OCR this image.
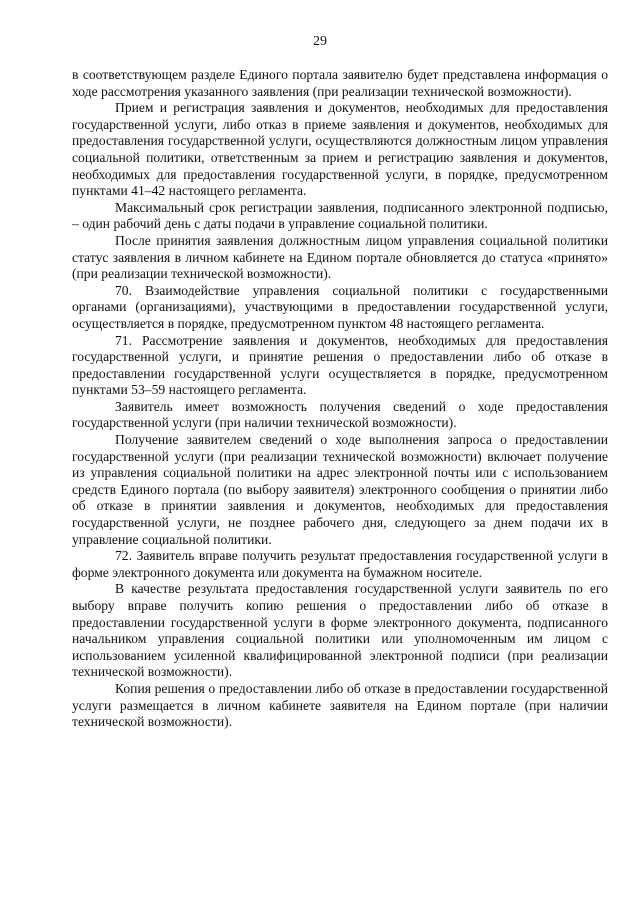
29

в соответствующем разделе Единого портала заявителю будет представлена информация о ходе рассмотрения указанного заявления (при реализации технической возможности).

Прием и регистрация заявления и документов, необходимых для предоставления государственной услуги, либо отказ в приеме заявления и документов, необходимых для предоставления государственной услуги, осуществляются должностным лицом управления социальной политики, ответственным за прием и регистрацию заявления и документов, необходимых для предоставления государственной услуги, в порядке, предусмотренном пунктами 41–42 настоящего регламента.

Максимальный срок регистрации заявления, подписанного электронной подписью, – один рабочий день с даты подачи в управление социальной политики.

После принятия заявления должностным лицом управления социальной политики статус заявления в личном кабинете на Едином портале обновляется до статуса «принято» (при реализации технической возможности).

70. Взаимодействие управления социальной политики с государственными органами (организациями), участвующими в предоставлении государственной услуги, осуществляется в порядке, предусмотренном пунктом 48 настоящего регламента.

71. Рассмотрение заявления и документов, необходимых для предоставления государственной услуги, и принятие решения о предоставлении либо об отказе в предоставлении государственной услуги осуществляется в порядке, предусмотренном пунктами 53–59 настоящего регламента.

Заявитель имеет возможность получения сведений о ходе предоставления государственной услуги (при наличии технической возможности).

Получение заявителем сведений о ходе выполнения запроса о предоставлении государственной услуги (при реализации технической возможности) включает получение из управления социальной политики на адрес электронной почты или с использованием средств Единого портала (по выбору заявителя) электронного сообщения о принятии либо об отказе в принятии заявления и документов, необходимых для предоставления государственной услуги, не позднее рабочего дня, следующего за днем подачи их в управление социальной политики.

72. Заявитель вправе получить результат предоставления государственной услуги в форме электронного документа или документа на бумажном носителе.

В качестве результата предоставления государственной услуги заявитель по его выбору вправе получить копию решения о предоставлении либо об отказе в предоставлении государственной услуги в форме электронного документа, подписанного начальником управления социальной политики или уполномоченным им лицом с использованием усиленной квалифицированной электронной подписи (при реализации технической возможности).

Копия решения о предоставлении либо об отказе в предоставлении государственной услуги размещается в личном кабинете заявителя на Едином портале (при наличии технической возможности).
